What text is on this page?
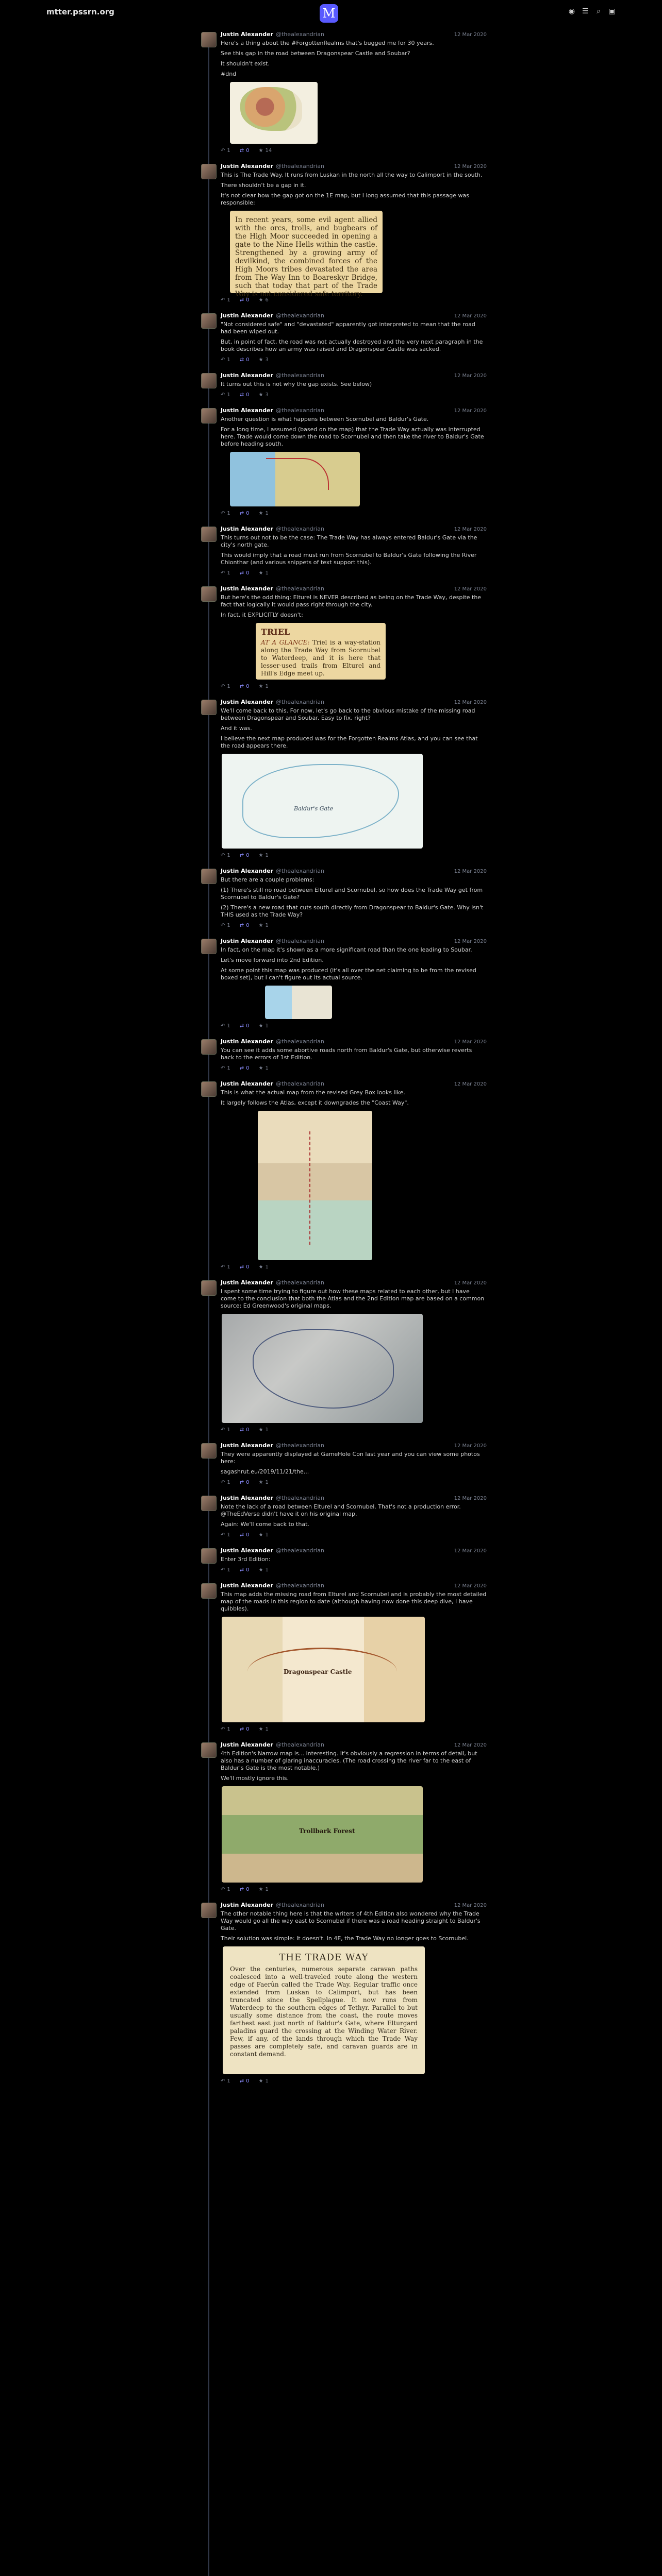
mtter.pssrn.org	M	◉ ☰	⌕	▣
Justin Alexander @thealexandrian	12 Mar 2020

Here's a thing about the #ForgottenRealms that's bugged me for 30 years.

See this gap in the road between Dragonspear Castle and Soubar?

It shouldn't exist.

#dnd

↶ 1 ⇄ 0 ★ 14
Justin Alexander @thealexandrian	12 Mar 2020

This is The Trade Way. It runs from Luskan in the north all the way to Calimport in the south.

There shouldn't be a gap in it.

It's not clear how the gap got on the 1E map, but I long assumed that this passage was responsible:

In recent years, some evil agent allied with the orcs, trolls, and bugbears of the High Moor succeeded in opening a gate to the Nine Hells within the castle. Strengthened by a growing army of devilkind, the combined forces of the High Moors tribes devastated the area from The Way Inn to Boareskyr Bridge, such that today that part of the Trade Way is not considered safe territory.
↶ 1 ⇄ 0 ★ 6
Justin Alexander @thealexandrian	12 Mar 2020

"Not considered safe" and "devastated" apparently got interpreted to mean that the road had been wiped out.

But, in point of fact, the road was not actually destroyed and the very next paragraph in the book describes how an army was raised and Dragonspear Castle was sacked.

↶ 1 ⇄ 0 ★ 3
Justin Alexander @thealexandrian	12 Mar 2020

It turns out this is not why the gap exists. See below)

↶ 1 ⇄ 0 ★ 3
Justin Alexander @thealexandrian	12 Mar 2020

Another question is what happens between Scornubel and Baldur's Gate.

For a long time, I assumed (based on the map) that the Trade Way actually was interrupted here. Trade would come down the road to Scornubel and then take the river to Baldur's Gate before heading south.

↶ 1 ⇄ 0 ★ 1
Justin Alexander @thealexandrian	12 Mar 2020

This turns out not to be the case: The Trade Way has always entered Baldur's Gate via the city's north gate.

This would imply that a road must run from Scornubel to Baldur's Gate following the River Chionthar (and various snippets of text support this).

↶ 1 ⇄ 0 ★ 1
Justin Alexander @thealexandrian	12 Mar 2020

But here's the odd thing: Elturel is NEVER described as being on the Trade Way, despite the fact that logically it would pass right through the city.

In fact, it EXPLICITLY doesn't:

TRIEL
AT A GLANCE: Triel is a way-station along the Trade Way from Scornubel to Waterdeep, and it is here that lesser-used trails from Elturel and Hill's Edge meet up.
↶ 1 ⇄ 0 ★ 1
Justin Alexander @thealexandrian	12 Mar 2020

We'll come back to this. For now, let's go back to the obvious mistake of the missing road between Dragonspear and Soubar. Easy to fix, right?

And it was.

I believe the next map produced was for the Forgotten Realms Atlas, and you can see that the road appears there.

Baldur's Gate
↶ 1 ⇄ 0 ★ 1
Justin Alexander @thealexandrian	12 Mar 2020

But there are a couple problems:

(1) There's still no road between Elturel and Scornubel, so how does the Trade Way get from Scornubel to Baldur's Gate?

(2) There's a new road that cuts south directly from Dragonspear to Baldur's Gate. Why isn't THIS used as the Trade Way?

↶ 1 ⇄ 0 ★ 1
Justin Alexander @thealexandrian	12 Mar 2020

In fact, on the map it's shown as a more significant road than the one leading to Soubar.

Let's move forward into 2nd Edition.

At some point this map was produced (it's all over the net claiming to be from the revised boxed set), but I can't figure out its actual source.

↶ 1 ⇄ 0 ★ 1
Justin Alexander @thealexandrian	12 Mar 2020

You can see it adds some abortive roads north from Baldur's Gate, but otherwise reverts back to the errors of 1st Edition.

↶ 1 ⇄ 0 ★ 1
Justin Alexander @thealexandrian	12 Mar 2020

This is what the actual map from the revised Grey Box looks like.

It largely follows the Atlas, except it downgrades the "Coast Way".

↶ 1 ⇄ 0 ★ 1
Justin Alexander @thealexandrian	12 Mar 2020

I spent some time trying to figure out how these maps related to each other, but I have come to the conclusion that both the Atlas and the 2nd Edition map are based on a common source: Ed Greenwood's original maps.

↶ 1 ⇄ 0 ★ 1
Justin Alexander @thealexandrian	12 Mar 2020

They were apparently displayed at GameHole Con last year and you can view some photos here:

sagashrut.eu/2019/11/21/the...

↶ 1 ⇄ 0 ★ 1
Justin Alexander @thealexandrian	12 Mar 2020

Note the lack of a road between Elturel and Scornubel. That's not a production error. @TheEdVerse didn't have it on his original map.

Again: We'll come back to that.

↶ 1 ⇄ 0 ★ 1
Justin Alexander @thealexandrian	12 Mar 2020

Enter 3rd Edition:

↶ 1 ⇄ 0 ★ 1
Justin Alexander @thealexandrian	12 Mar 2020

This map adds the missing road from Elturel and Scornubel and is probably the most detailed map of the roads in this region to date (although having now done this deep dive, I have quibbles).

Dragonspear Castle
↶ 1 ⇄ 0 ★ 1
Justin Alexander @thealexandrian	12 Mar 2020

4th Edition's Narrow map is... interesting. It's obviously a regression in terms of detail, but also has a number of glaring inaccuracies. (The road crossing the river far to the east of Baldur's Gate is the most notable.)

We'll mostly ignore this.

Trollbark Forest
↶ 1 ⇄ 0 ★ 1
Justin Alexander @thealexandrian	12 Mar 2020

The other notable thing here is that the writers of 4th Edition also wondered why the Trade Way would go all the way east to Scornubel if there was a road heading straight to Baldur's Gate.

Their solution was simple: It doesn't. In 4E, the Trade Way no longer goes to Scornubel.

THE TRADE WAY
Over the centuries, numerous separate caravan paths coalesced into a well-traveled route along the western edge of Faerûn called the Trade Way. Regular traffic once extended from Luskan to Calimport, but has been truncated since the Spellplague. It now runs from Waterdeep to the southern edges of Tethyr. Parallel to but usually some distance from the coast, the route moves farthest east just north of Baldur's Gate, where Elturgard paladins guard the crossing at the Winding Water River. Few, if any, of the lands through which the Trade Way passes are completely safe, and caravan guards are in constant demand.
↶ 1 ⇄ 0 ★ 1
